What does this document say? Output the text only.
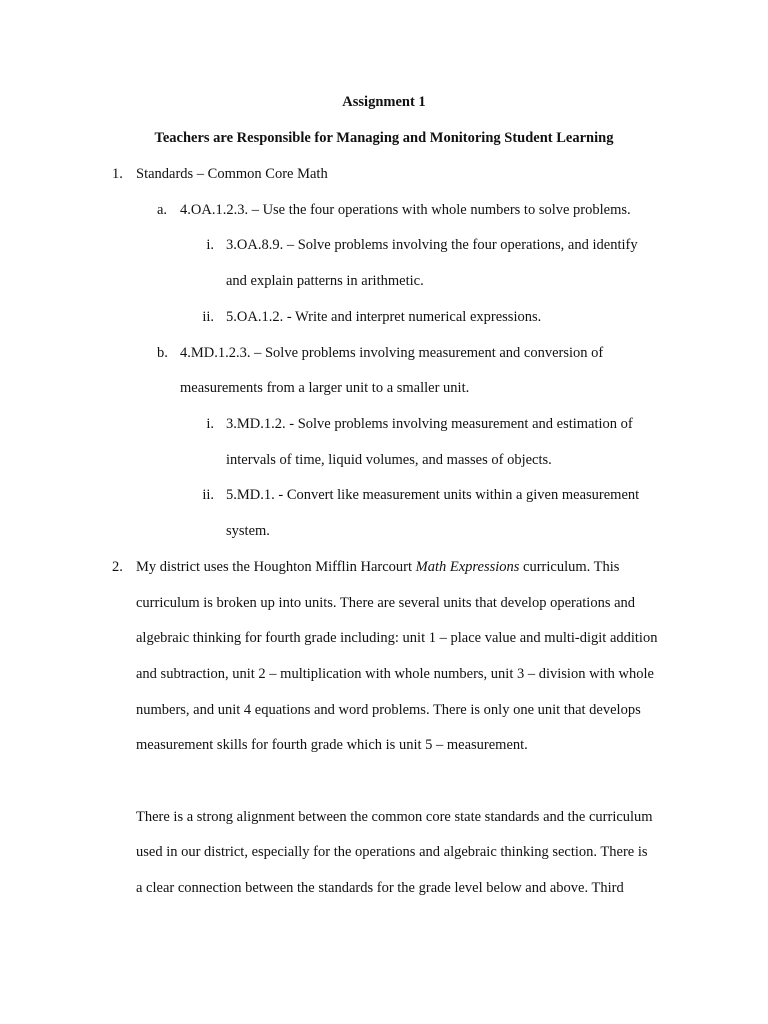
Assignment 1
Teachers are Responsible for Managing and Monitoring Student Learning
1. Standards – Common Core Math
a. 4.OA.1.2.3. – Use the four operations with whole numbers to solve problems.
i. 3.OA.8.9. – Solve problems involving the four operations, and identify
and explain patterns in arithmetic.
ii. 5.OA.1.2. - Write and interpret numerical expressions.
b. 4.MD.1.2.3. – Solve problems involving measurement and conversion of
measurements from a larger unit to a smaller unit.
i. 3.MD.1.2. - Solve problems involving measurement and estimation of
intervals of time, liquid volumes, and masses of objects.
ii. 5.MD.1. - Convert like measurement units within a given measurement
system.
2. My district uses the Houghton Mifflin Harcourt Math Expressions curriculum. This
curriculum is broken up into units. There are several units that develop operations and
algebraic thinking for fourth grade including: unit 1 – place value and multi-digit addition
and subtraction, unit 2 – multiplication with whole numbers, unit 3 – division with whole
numbers, and unit 4 equations and word problems. There is only one unit that develops
measurement skills for fourth grade which is unit 5 – measurement.
There is a strong alignment between the common core state standards and the curriculum
used in our district, especially for the operations and algebraic thinking section. There is
a clear connection between the standards for the grade level below and above. Third
